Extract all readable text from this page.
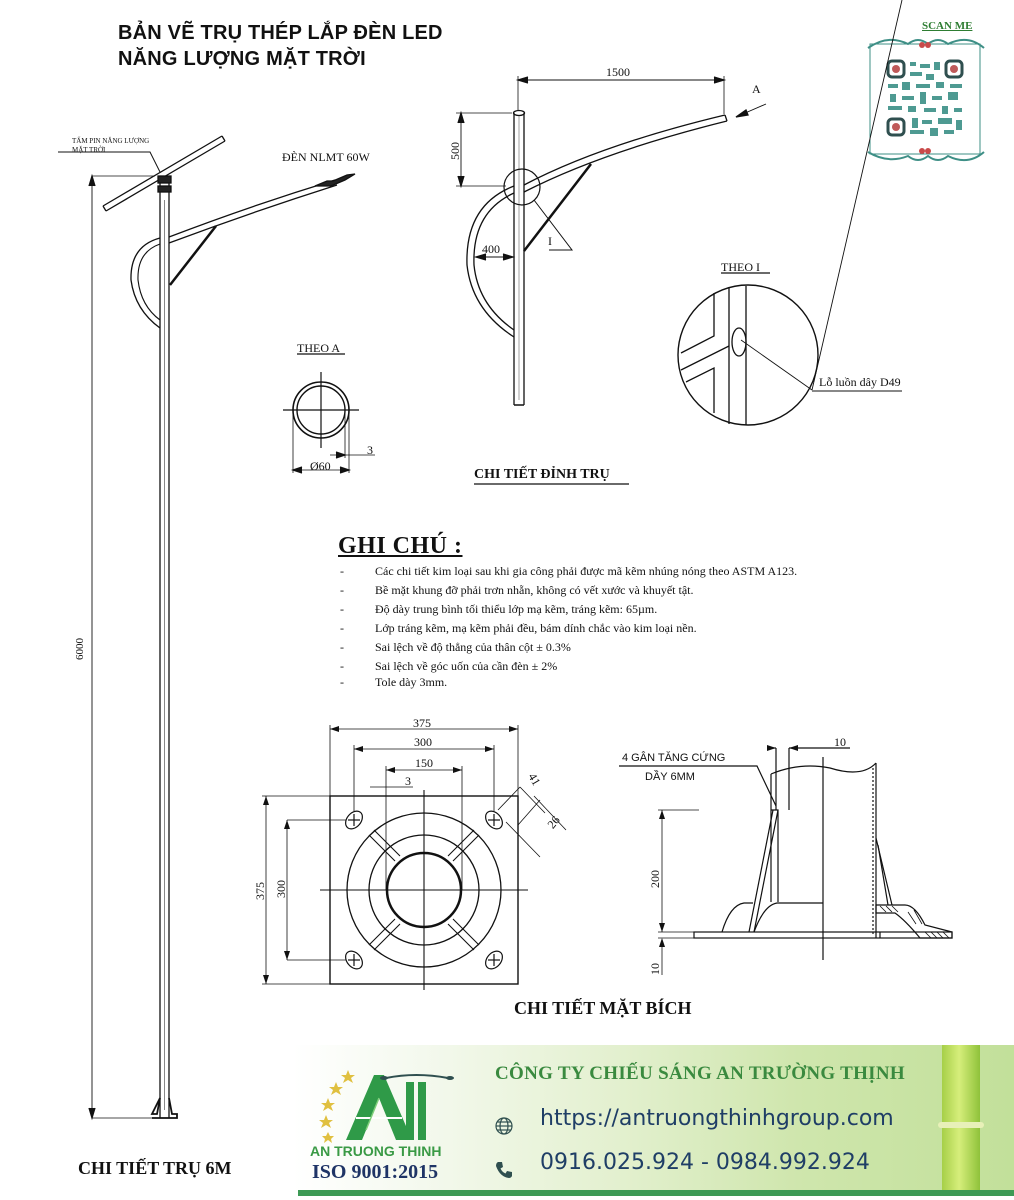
BẢN VẼ TRỤ THÉP LẮP ĐÈN LED
NĂNG LƯỢNG MẶT TRỜI
SCAN ME
TẤM PIN NĂNG LƯỢNG
MẶT TRỜI	ĐÈN NLMT 60W
6000
CHI TIẾT TRỤ 6M
1500
500
400
A
I
CHI TIẾT ĐỈNH TRỤ
THEO A
Ø60
3
THEO I
Lỗ luồn dây D49
GHI CHÚ :
- Các chi tiết kim loại sau khi gia công phải được mã kẽm nhúng nóng theo ASTM A123.
- Bề mặt khung đỡ phải trơn nhẵn, không có vết xước và khuyết tật.
- Độ dày trung bình tối thiểu lớp mạ kẽm, tráng kẽm: 65µm.
- Lớp tráng kẽm, mạ kẽm phải đều, bám dính chắc vào kim loại nền.
- Sai lệch về độ thẳng của thân cột ± 0.3%
- Sai lệch về góc uốn của cần đèn ± 2%
- Tole dày 3mm.
375
300
150
3	41
26
375 300
CHI TIẾT MẶT BÍCH
4 GÂN TĂNG CỨNG
DẦY 6MM
10
200
10
AN TRUONG THINH
ISO 9001:2015
CÔNG TY CHIẾU SÁNG AN TRƯỜNG THỊNH
https://antruongthinhgroup.com
0916.025.924 - 0984.992.924
